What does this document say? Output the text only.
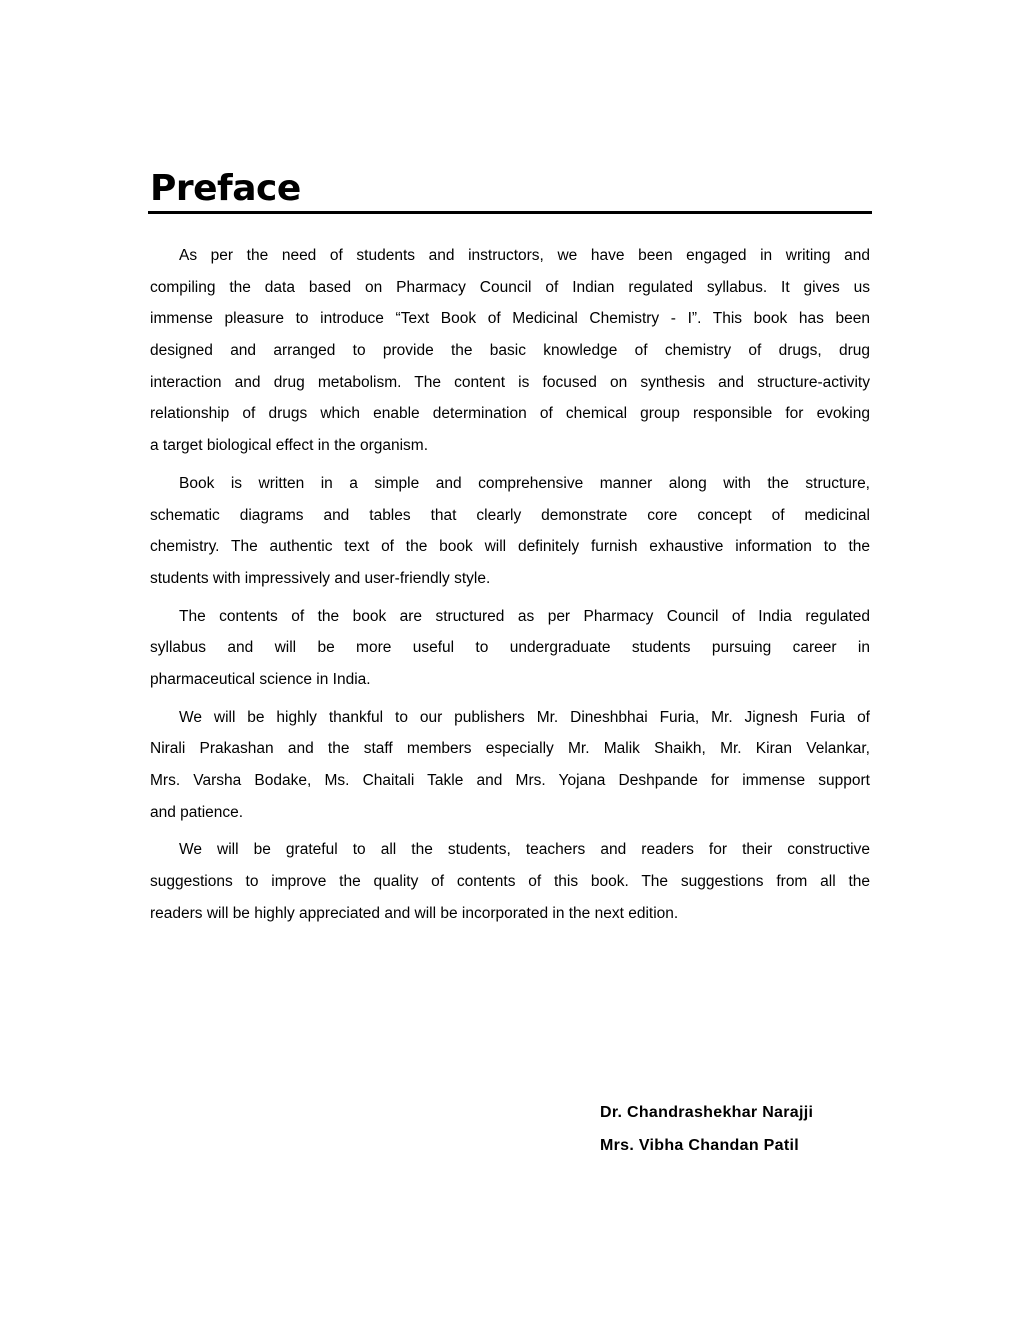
Preface
As per the need of students and instructors, we have been engaged in writing and
compiling the data based on Pharmacy Council of Indian regulated syllabus. It gives us
immense pleasure to introduce “Text Book of Medicinal Chemistry - I”. This book has been
designed and arranged to provide the basic knowledge of chemistry of drugs, drug
interaction and drug metabolism. The content is focused on synthesis and structure-activity
relationship of drugs which enable determination of chemical group responsible for evoking
a target biological effect in the organism.
Book is written in a simple and comprehensive manner along with the structure,
schematic diagrams and tables that clearly demonstrate core concept of medicinal
chemistry. The authentic text of the book will definitely furnish exhaustive information to the
students with impressively and user-friendly style.
The contents of the book are structured as per Pharmacy Council of India regulated
syllabus and will be more useful to undergraduate students pursuing career in
pharmaceutical science in India.
We will be highly thankful to our publishers Mr. Dineshbhai Furia, Mr. Jignesh Furia of
Nirali Prakashan and the staff members especially Mr. Malik Shaikh, Mr. Kiran Velankar,
Mrs. Varsha Bodake, Ms. Chaitali Takle and Mrs. Yojana Deshpande for immense support
and patience.
We will be grateful to all the students, teachers and readers for their constructive
suggestions to improve the quality of contents of this book. The suggestions from all the
readers will be highly appreciated and will be incorporated in the next edition.
Dr. Chandrashekhar Narajji
Mrs. Vibha Chandan Patil
